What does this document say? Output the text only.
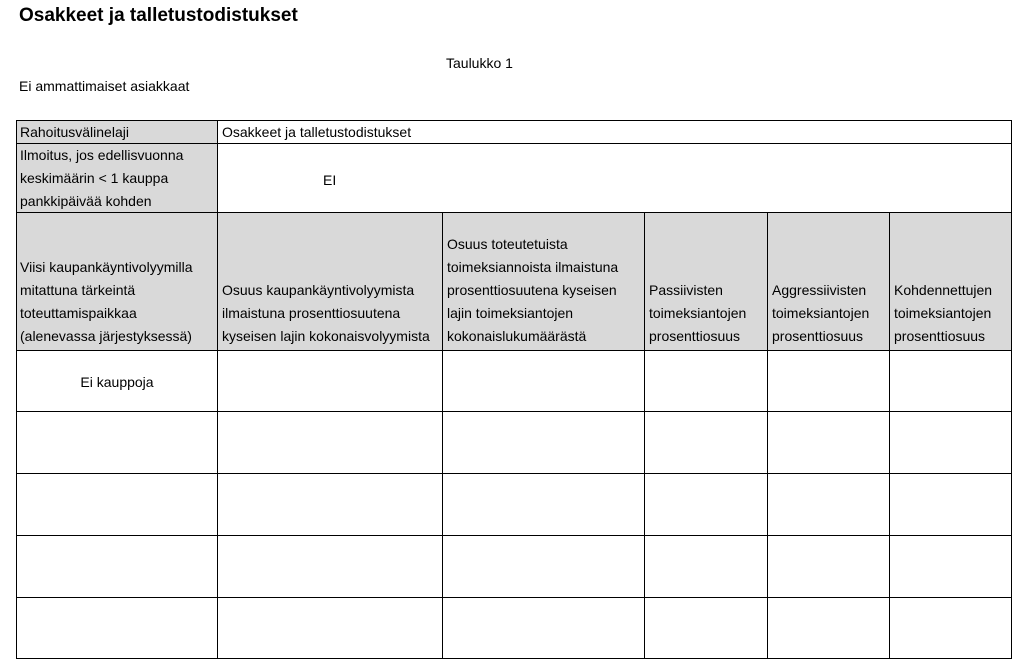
Osakkeet ja talletustodistukset
Taulukko 1
Ei ammattimaiset asiakkaat
Rahoitusvälinelaji	Osakkeet ja talletustodistukset
Ilmoitus, jos edellisvuonna keskimäärin < 1 kauppa pankkipäivää kohden
EI
Viisi kaupankäyntivolyymilla mitattuna tärkeintä toteuttamispaikkaa (alenevassa järjestyksessä)
Osuus kaupankäyntivolyymista ilmaistuna prosenttiosuutena kyseisen lajin kokonaisvolyymista
Osuus toteutetuista toimeksiannoista ilmaistuna prosenttiosuutena kyseisen lajin toimeksiantojen kokonaislukumäärästä
Passiivisten toimeksiantojen prosenttiosuus
Aggressiivisten toimeksiantojen prosenttiosuus
Kohdennettujen toimeksiantojen prosenttiosuus
Ei kauppoja
